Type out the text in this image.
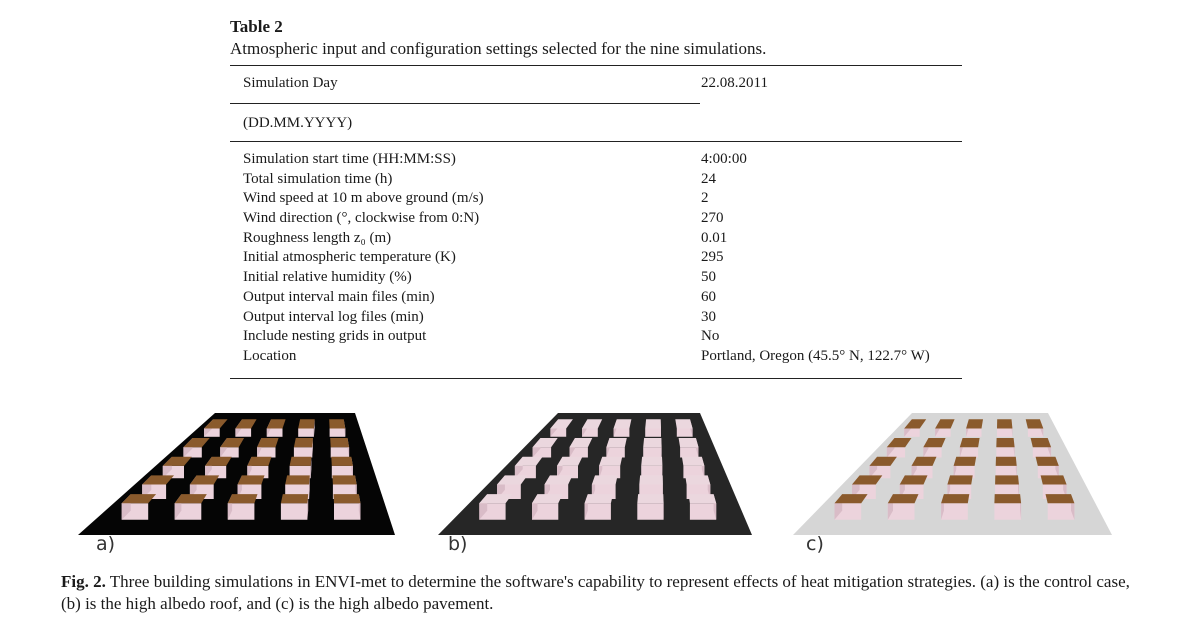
Table 2
Atmospheric input and configuration settings selected for the nine simulations.
Simulation Day	22.08.2011
(DD.MM.YYYY)
Simulation start time (HH:MM:SS)	4:00:00
Total simulation time (h)	24
Wind speed at 10 m above ground (m/s)	2
Wind direction (°, clockwise from 0:N)	270
Roughness length z₀ (m)	0.01
Initial atmospheric temperature (K)	295
Initial relative humidity (%)	50
Output interval main files (min)	60
Output interval log files (min)	30
Include nesting grids in output	No
Location	Portland, Oregon (45.5° N, 122.7° W)
a)	b)	c)
Fig. 2. Three building simulations in ENVI-met to determine the software's capability to represent effects of heat mitigation strategies. (a) is the control case, (b) is the high albedo roof, and (c) is the high albedo pavement.
